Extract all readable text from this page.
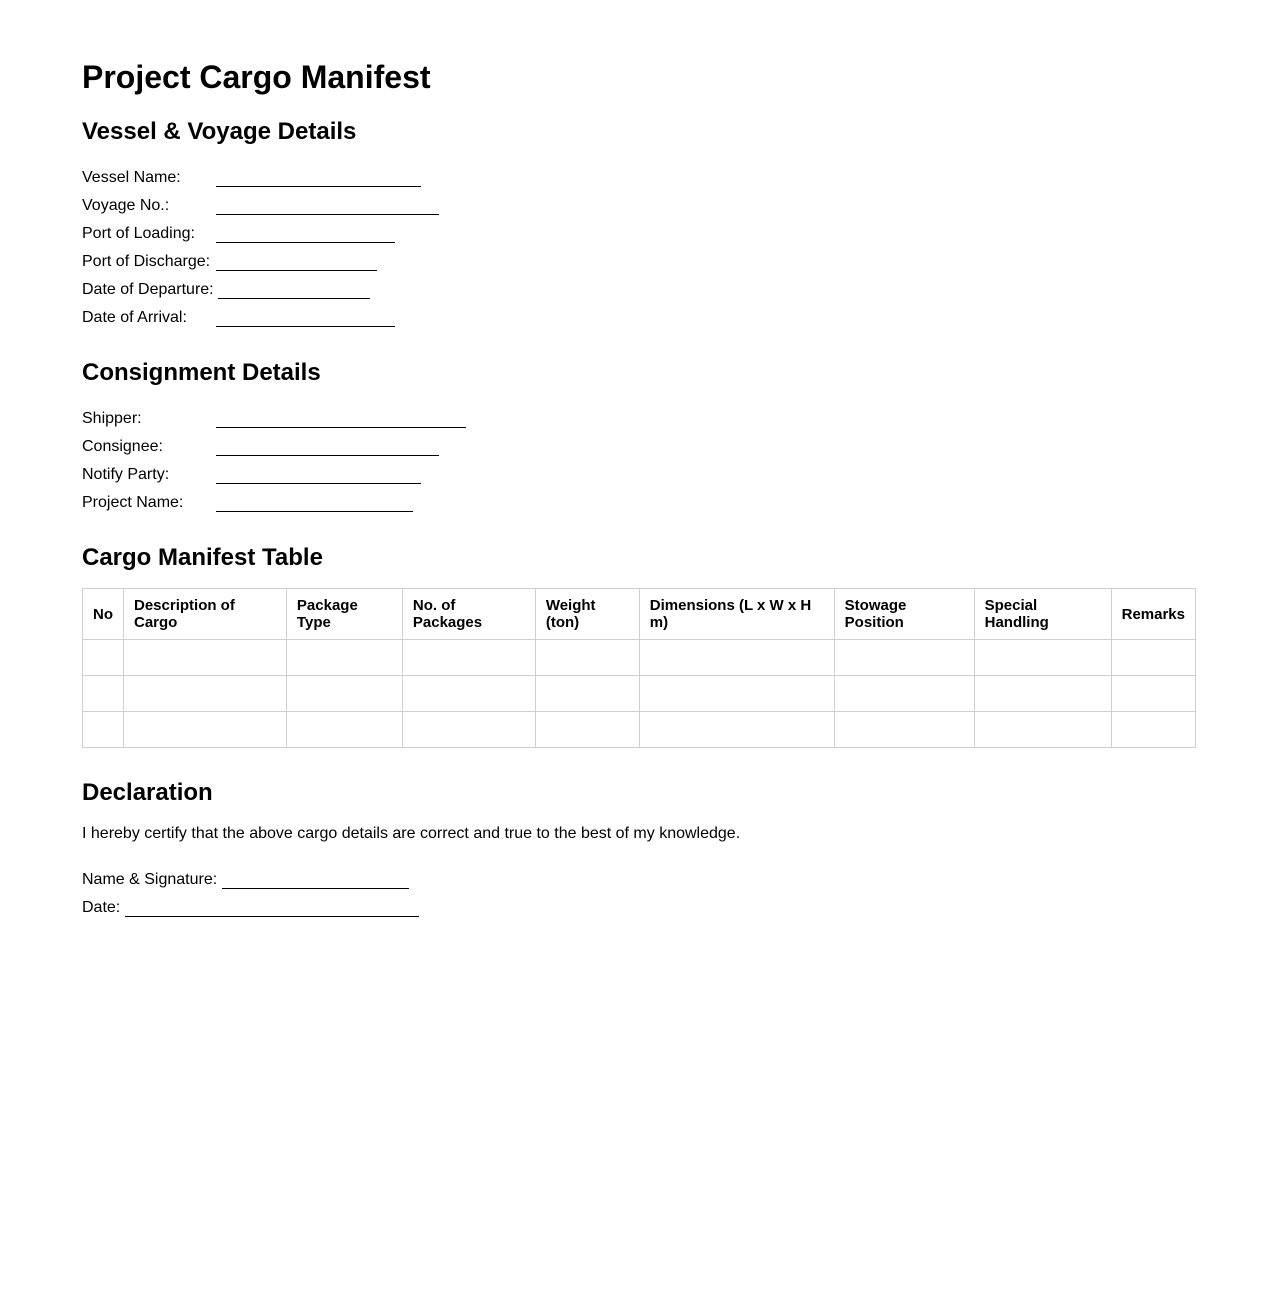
Project Cargo Manifest
Vessel & Voyage Details
Vessel Name:
Voyage No.:
Port of Loading:
Port of Discharge:
Date of Departure:
Date of Arrival:
Consignment Details
Shipper:
Consignee:
Notify Party:
Project Name:
Cargo Manifest Table
No	Description of Cargo	Package Type	No. of Packages	Weight (ton)	Dimensions (L x W x H m)	Stowage Position	Special Handling	Remarks

Declaration
I hereby certify that the above cargo details are correct and true to the best of my knowledge.
Name & Signature:
Date:
